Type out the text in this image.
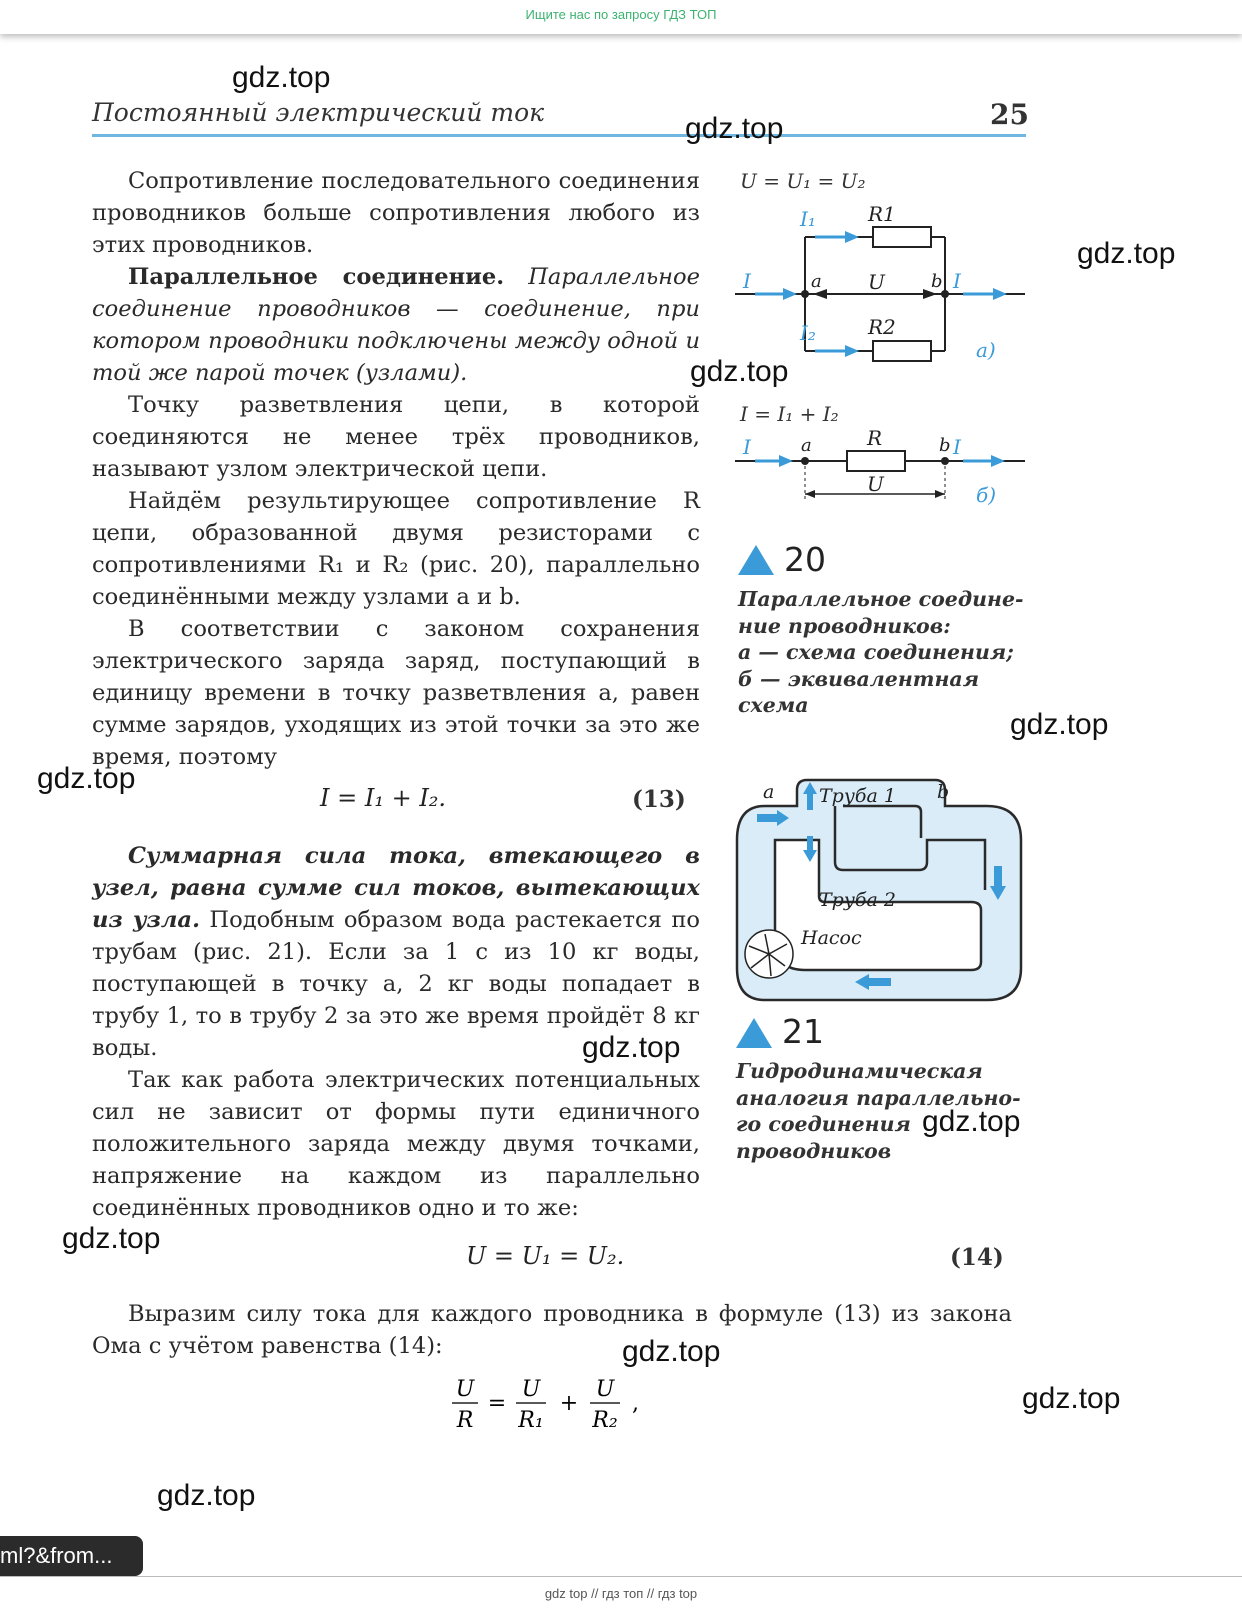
Ищите нас по запросу ГДЗ ТОП
Постоянный электрический ток	25

Сопротивление последовательного соединения проводников больше сопротивления любого из этих проводников.

Параллельное соединение. Параллельное соединение проводников — соединение, при котором проводники подключены между одной и той же парой точек (узлами).

Точку разветвления цепи, в которой соединяются не менее трёх проводников, называют узлом электрической цепи.

Найдём результирующее сопротивление R цепи, образованной двумя резисторами с сопротивлениями R₁ и R₂ (рис. 20), параллельно соединёнными между узлами a и b.

В соответствии с законом сохранения электрического заряда заряд, поступающий в единицу времени в точку разветвления a, равен сумме зарядов, уходящих из этой точки за это же время, поэтому

I = I₁ + I₂.	(13)

Суммарная сила тока, втекающего в узел, равна сумме сил токов, вытекающих из узла. Подобным образом вода растекается по трубам (рис. 21). Если за 1 с из 10 кг воды, поступающей в точку a, 2 кг воды попадает в трубу 1, то в трубу 2 за это же время пройдёт 8 кг воды.

Так как работа электрических потенциальных сил не зависит от формы пути единичного положительного заряда между двумя точками, напряжение на каждом из параллельно соединённых проводников одно и то же:

U = U₁ = U₂.	(14)

Выразим силу тока для каждого проводника в формуле (13) из закона Ома с учётом равенства (14):

U
R
=
U
R₁
+
U
R₂
,
U = U₁ = U₂
I	I
I₁
I₂
R1
R2
a	b
U
а)
I = I₁ + I₂
I	I
a	b
R
U	б)
20
Параллельное соедине-
ние проводников:
а — схема соединения;
б — эквивалентная
схема
a	b
Труба 1
Труба 2
Насос
21
Гидродинамическая
аналогия параллельно-
го соединения
проводников
gdz.top
gdz.top
gdz.top
gdz.top
gdz.top
gdz.top
gdz.top
gdz.top
gdz.top
gdz.top
gdz.top
gdz.top
ml?&from...
gdz top // гдз топ // гдз top
